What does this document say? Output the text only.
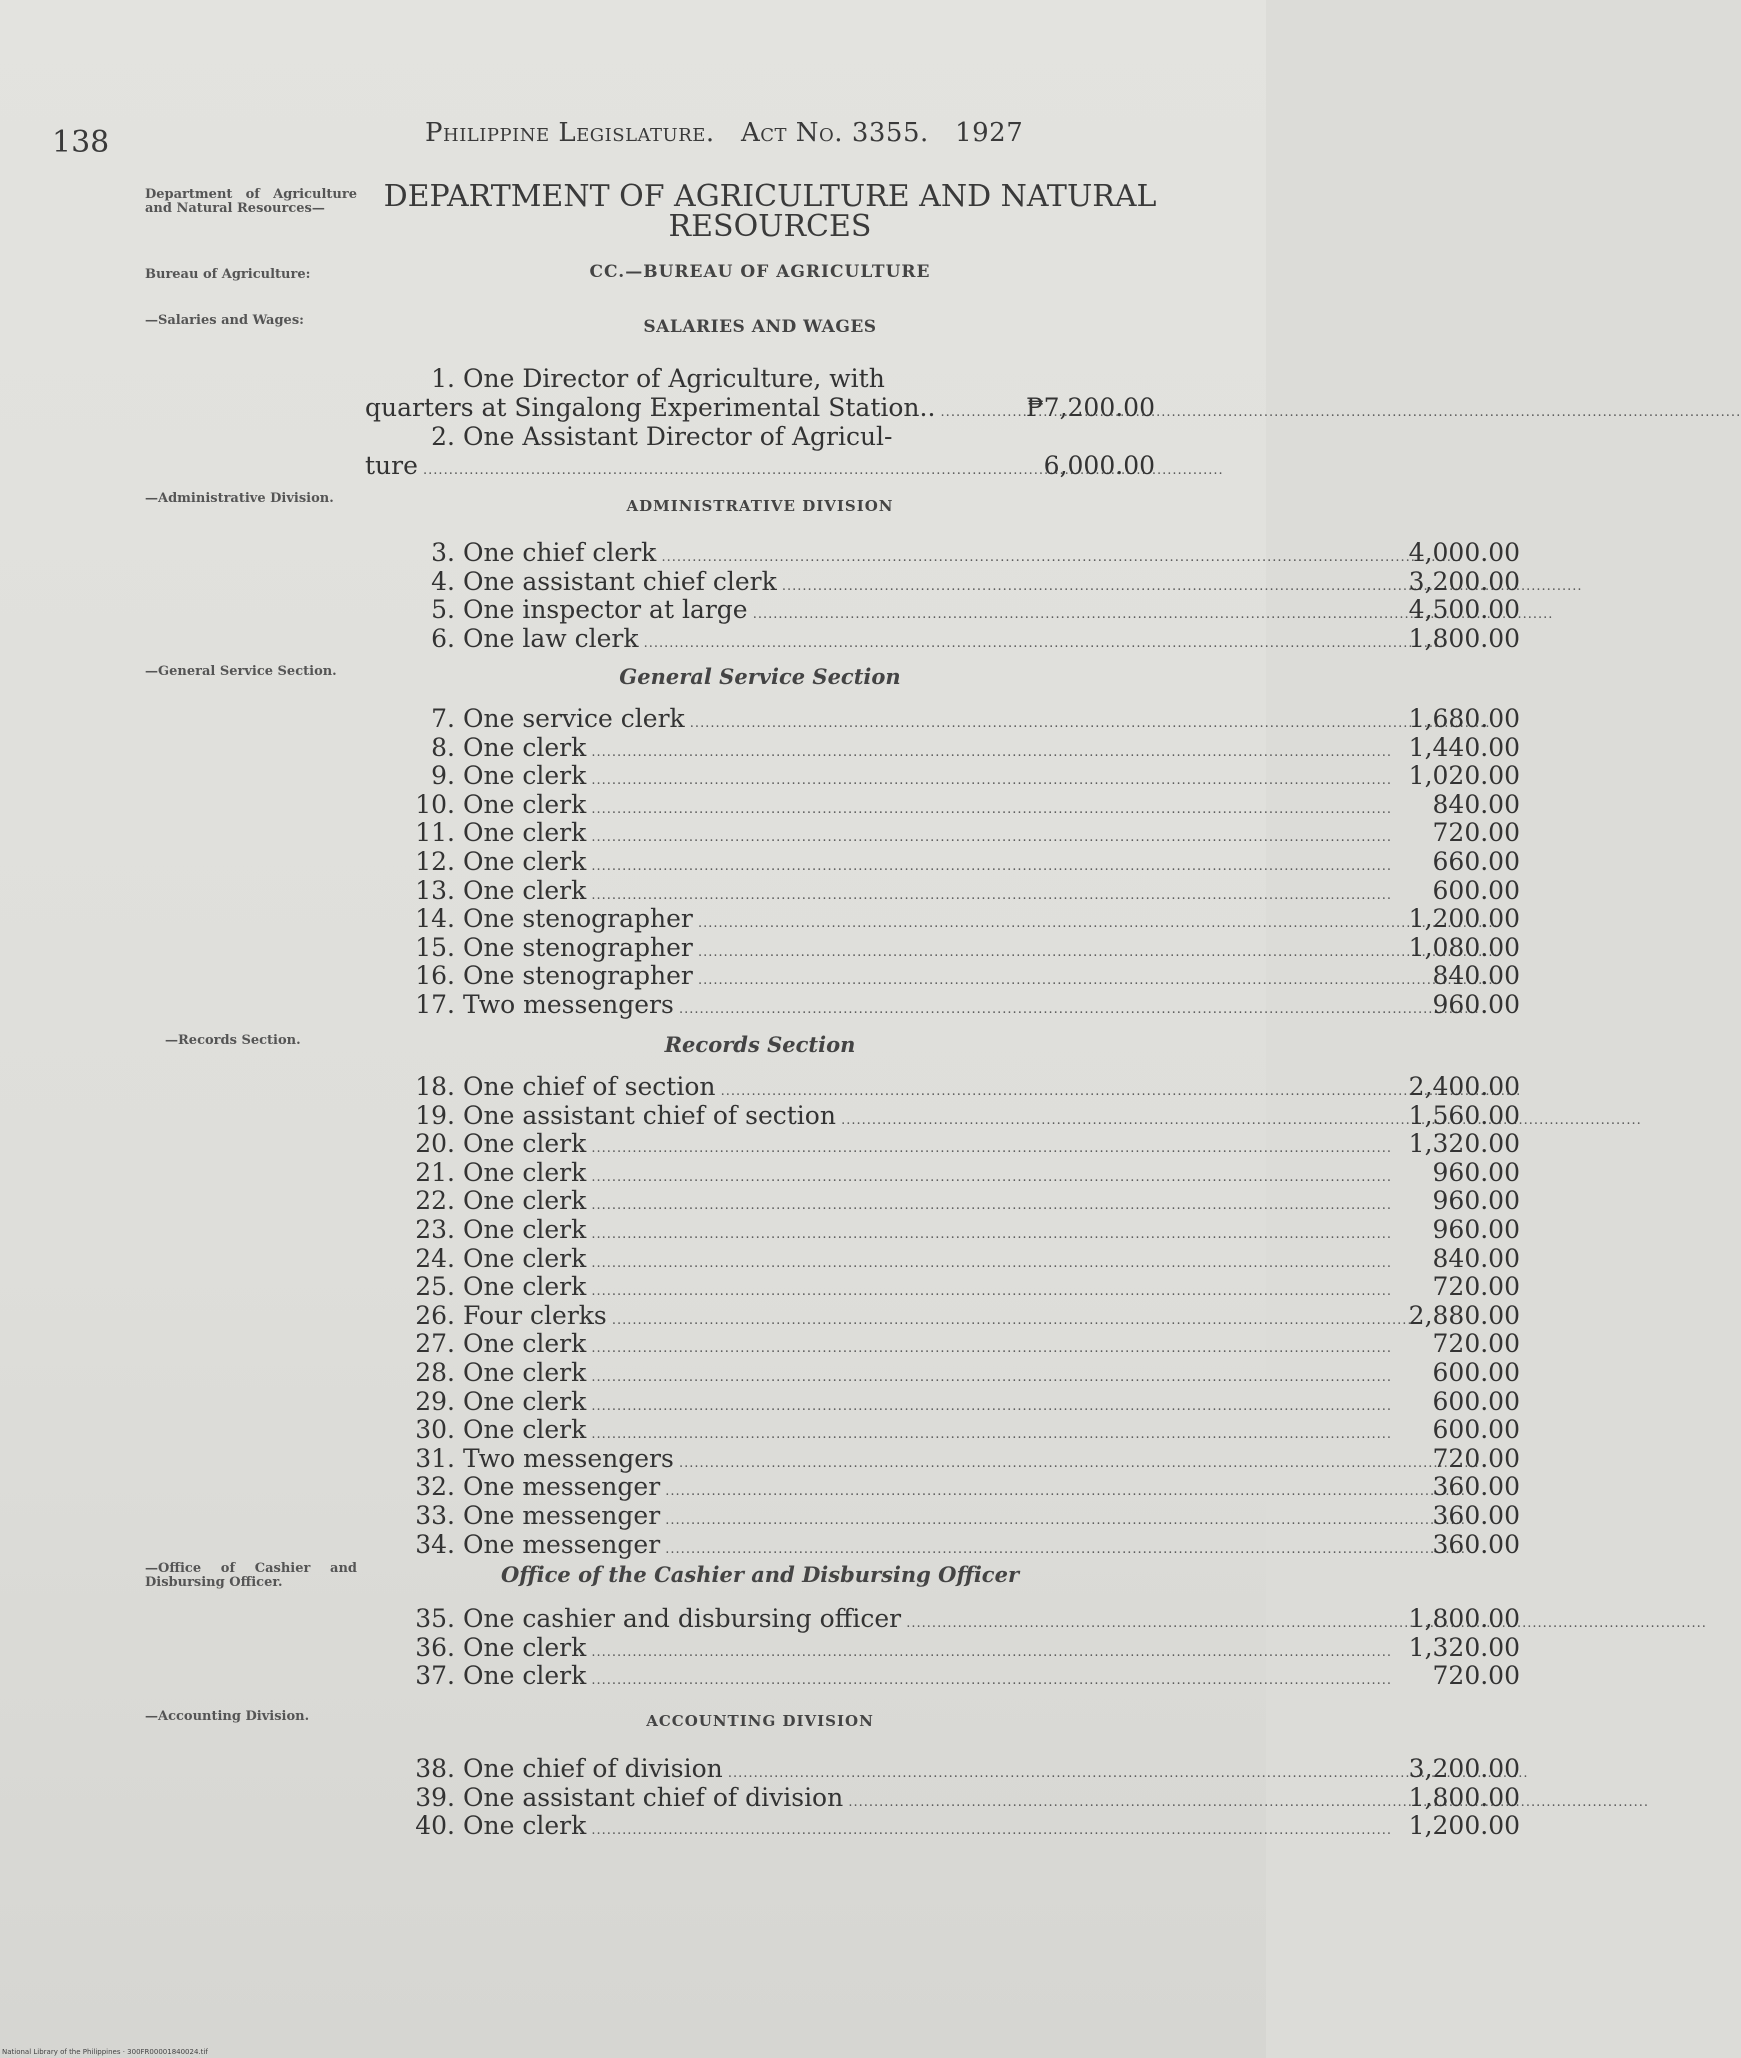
138	Philippine Legislature. Act No. 3355. 1927
Department of Agriculture and Natural Resources—
Bureau of Agriculture:
—Salaries and Wages:
—Administrative Division.
—General Service Section.
—Records Section.
—Office of Cashier and Disbursing Officer.
—Accounting Division.
DEPARTMENT OF AGRICULTURE AND NATURAL RESOURCES
CC.—BUREAU OF AGRICULTURE
SALARIES AND WAGES
1. One Director of Agriculture, with
quarters at Singalong Experimental Station.. .....	₱7,200.00
2. One Assistant Director of Agricul-
ture .....	6,000.00
ADMINISTRATIVE DIVISION
3. One chief clerk .....	4,000.00
4. One assistant chief clerk .....	3,200.00
5. One inspector at large .....	4,500.00
6. One law clerk .....	1,800.00
General Service Section
7. One service clerk .....	1,680.00
8. One clerk .....	1,440.00
9. One clerk .....	1,020.00
10. One clerk .....	840.00
11. One clerk .....	720.00
12. One clerk .....	660.00
13. One clerk .....	600.00
14. One stenographer .....	1,200.00
15. One stenographer .....	1,080.00
16. One stenographer .....	840.00
17. Two messengers .....	960.00
Records Section
18. One chief of section .....	2,400.00
19. One assistant chief of section .....	1,560.00
20. One clerk .....	1,320.00
21. One clerk .....	960.00
22. One clerk .....	960.00
23. One clerk .....	960.00
24. One clerk .....	840.00
25. One clerk .....	720.00
26. Four clerks .....	2,880.00
27. One clerk .....	720.00
28. One clerk .....	600.00
29. One clerk .....	600.00
30. One clerk .....	600.00
31. Two messengers .....	720.00
32. One messenger .....	360.00
33. One messenger .....	360.00
34. One messenger .....	360.00
Office of the Cashier and Disbursing Officer
35. One cashier and disbursing officer .....	1,800.00
36. One clerk .....	1,320.00
37. One clerk .....	720.00
ACCOUNTING DIVISION
38. One chief of division .....	3,200.00
39. One assistant chief of division .....	1,800.00
40. One clerk .....	1,200.00
National Library of the Philippines · 300FR00001840024.tif
